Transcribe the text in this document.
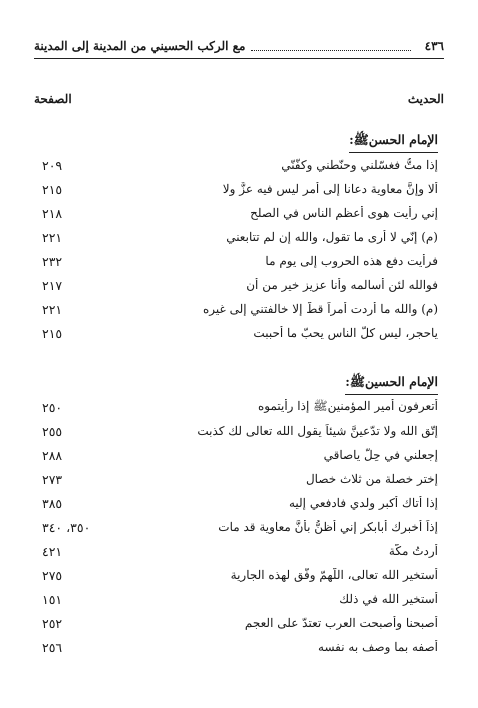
٤٣٦
مع الركب الحسيني من المدينة إلى المدينة
الحديث
الصفحة
الإمام الحسنﷺ:
إذا متُّ فغسّلني وحنّطني وكفّنّي
٢٠٩
ألا وإنَّ معاوية دعانا إلى أمرٍ ليس فيه عزٌّ ولا
٢١٥
إني رأيت هوى أعظم الناس في الصلح
٢١٨
(م) إنّي لا أرى ما تقول، والله إن لم تتابعني
٢٢١
فرأيت دفع هذه الحروب إلى يوم ما
٢٣٢
فوالله لئن أسالمه وأنا عزيز خير من أن
٢١٧
(م) والله ما أردت أمراً قطُّ إلا خالفتني إلى غيره
٢٢١
ياحجر، ليس كلّ الناس يحبّ ما أحببت
٢١٥
الإمام الحسينﷺ:
أتعرفون أمير المؤمنينﷺ إذا رأيتموه
٢٥٠
إتّق الله ولا تدّعينَّ شيئاً يقول الله تعالى لك كذبت
٢٥٥
إجعلني في حِلّ ياصاقي
٢٨٨
إختر خصلة من ثلاث خصال
٢٧٣
إذا أتاك أكبر ولدي فادفعي إليه
٣٨٥
إذاً أُخبرك أبابكر إني أظنُّ بأنَّ معاوية قد مات
٣٥٠، ٣٤٠
أردتُ مكّة
٤٢١
أستخير الله تعالى، اللّهمّ وفّق لهذه الجارية
٢٧٥
أستخير الله في ذلك
١٥١
أصبحنا وأصبحت العرب تعتدّ على العجم
٢٥٢
أصفه بما وصف به نفسه
٢٥٦
